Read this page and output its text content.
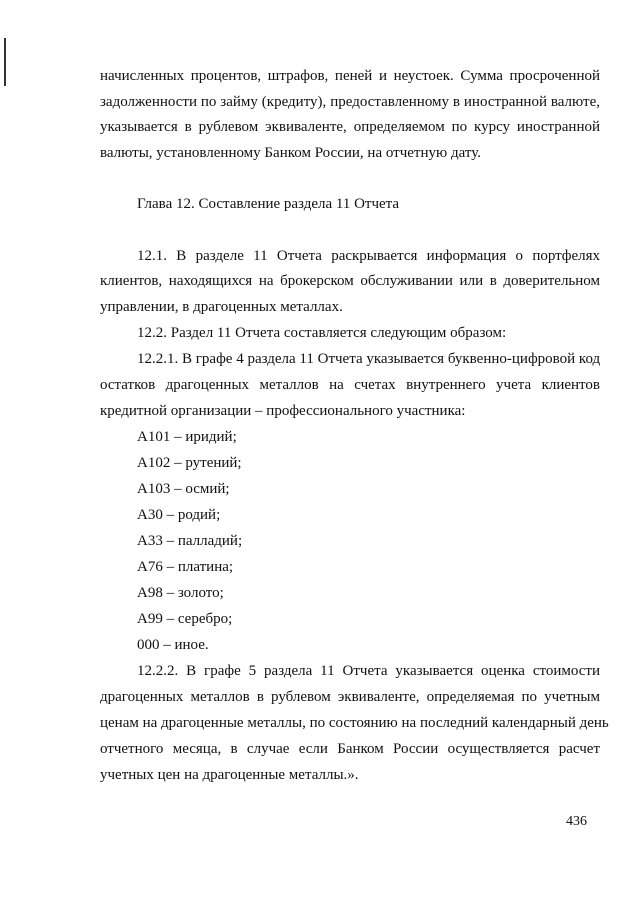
начисленных процентов, штрафов, пеней и неустоек. Сумма просроченной
задолженности по займу (кредиту), предоставленному в иностранной валюте,
указывается в рублевом эквиваленте, определяемом по курсу иностранной
валюты, установленному Банком России, на отчетную дату.
Глава 12. Составление раздела 11 Отчета
12.1. В разделе 11 Отчета раскрывается информация о портфелях
клиентов, находящихся на брокерском обслуживании или в доверительном
управлении, в драгоценных металлах.
12.2. Раздел 11 Отчета составляется следующим образом:
12.2.1. В графе 4 раздела 11 Отчета указывается буквенно-цифровой код
остатков драгоценных металлов на счетах внутреннего учета клиентов
кредитной организации – профессионального участника:
А101 – иридий;
А102 – рутений;
А103 – осмий;
А30 – родий;
А33 – палладий;
А76 – платина;
А98 – золото;
А99 – серебро;
000 – иное.
12.2.2. В графе 5 раздела 11 Отчета указывается оценка стоимости
драгоценных металлов в рублевом эквиваленте, определяемая по учетным
ценам на драгоценные металлы, по состоянию на последний календарный день
отчетного месяца, в случае если Банком России осуществляется расчет
учетных цен на драгоценные металлы.».
436
